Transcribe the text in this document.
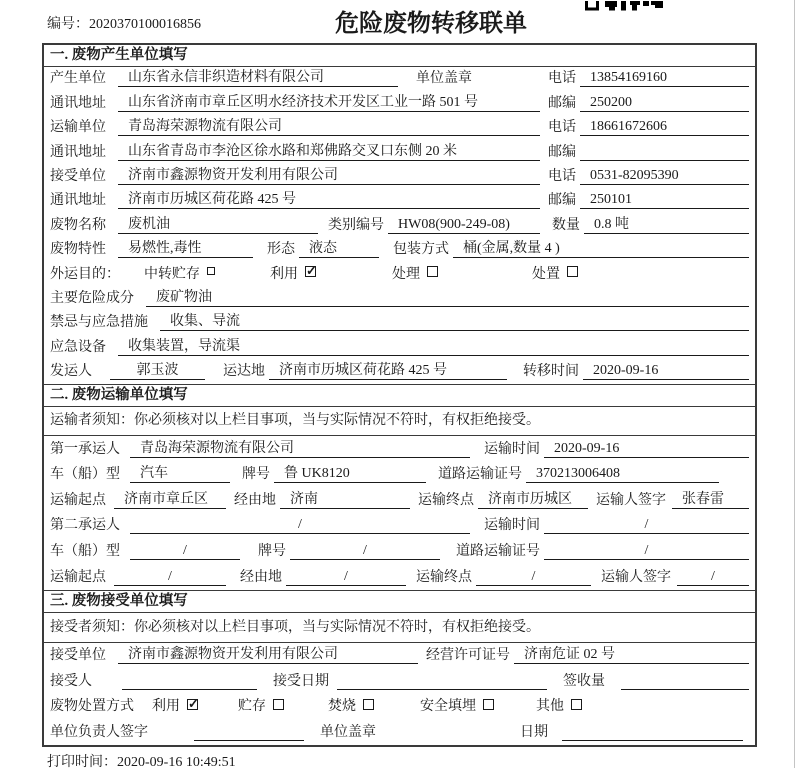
编号：2020370100016856	危险废物转移联单
一. 废物产生单位填写
产生单位	山东省永信非织造材料有限公司	单位盖章	电话	13854169160
通讯地址	山东省济南市章丘区明水经济技术开发区工业一路 501 号	邮编	250200
运输单位	青岛海荣源物流有限公司	电话	18661672606
通讯地址	山东省青岛市李沧区徐水路和郑佛路交叉口东侧 20 米	邮编
接受单位	济南市鑫源物资开发利用有限公司	电话	0531-82095390
通讯地址	济南市历城区荷花路 425 号	邮编	250101
废物名称	废机油	类别编号	HW08(900-249-08)	数量	0.8 吨
废物特性	易燃性,毒性	形态	液态	包装方式	桶(金属,数量 4 )
外运目的：	中转贮存	利用 ✓	处理	处置
主要危险成分	废矿物油
禁忌与应急措施	收集、导流
应急设备	收集装置，导流渠
发运人	郭玉波	运达地	济南市历城区荷花路 425 号	转移时间	2020-09-16
二. 废物运输单位填写
运输者须知：你必须核对以上栏目事项，当与实际情况不符时，有权拒绝接受。
第一承运人	青岛海荣源物流有限公司	运输时间	2020-09-16
车（船）型	汽车	牌号	鲁 UK8120	道路运输证号	370213006408
运输起点	济南市章丘区	经由地	济南	运输终点	济南市历城区	运输人签字	张春雷
第二承运人	/	运输时间	/
车（船）型	/	牌号	/	道路运输证号	/
运输起点	/	经由地	/	运输终点	/	运输人签字	/
三. 废物接受单位填写
接受者须知：你必须核对以上栏目事项，当与实际情况不符时，有权拒绝接受。
接受单位	济南市鑫源物资开发利用有限公司	经营许可证号	济南危证 02 号
接受人	接受日期	签收量
废物处置方式 利用 ✓	贮存	焚烧	安全填埋	其他
单位负责人签字	单位盖章	日期
打印时间：2020-09-16 10:49:51
